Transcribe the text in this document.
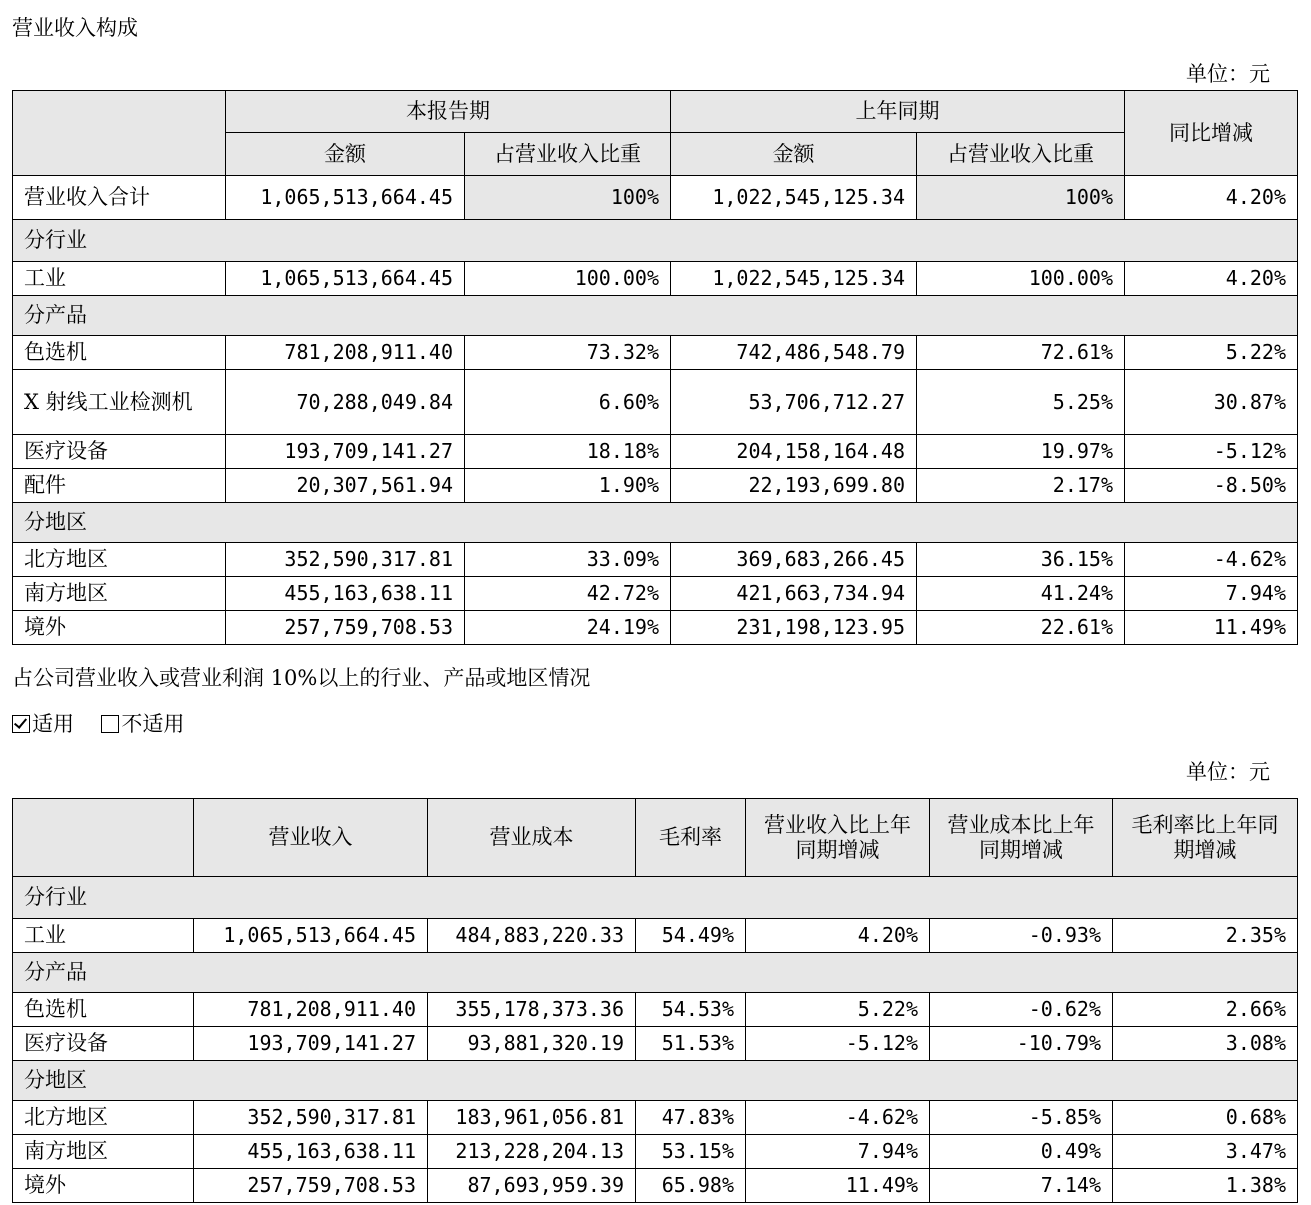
营业收入构成
单位：元
	本报告期		上年同期		同比增减
	金额	占营业收入比重	金额	占营业收入比重	
营业收入合计	1,065,513,664.45	100%	1,022,545,125.34	100%	4.20%
分行业					
工业	1,065,513,664.45	100.00%	1,022,545,125.34	100.00%	4.20%
分产品					
色选机	781,208,911.40	73.32%	742,486,548.79	72.61%	5.22%
X 射线工业检测机	70,288,049.84	6.60%	53,706,712.27	5.25%	30.87%
医疗设备	193,709,141.27	18.18%	204,158,164.48	19.97%	-5.12%
配件	20,307,561.94	1.90%	22,193,699.80	2.17%	-8.50%
分地区					
北方地区	352,590,317.81	33.09%	369,683,266.45	36.15%	-4.62%
南方地区	455,163,638.11	42.72%	421,663,734.94	41.24%	7.94%
境外	257,759,708.53	24.19%	231,198,123.95	22.61%	11.49%
占公司营业收入或营业利润 10%以上的行业、产品或地区情况
适用 不适用
单位：元
	营业收入	营业成本	毛利率	营业收入比上年同期增减	营业成本比上年同期增减	毛利率比上年同期增减
分行业						
工业	1,065,513,664.45	484,883,220.33	54.49%	4.20%	-0.93%	2.35%
分产品						
色选机	781,208,911.40	355,178,373.36	54.53%	5.22%	-0.62%	2.66%
医疗设备	193,709,141.27	93,881,320.19	51.53%	-5.12%	-10.79%	3.08%
分地区						
北方地区	352,590,317.81	183,961,056.81	47.83%	-4.62%	-5.85%	0.68%
南方地区	455,163,638.11	213,228,204.13	53.15%	7.94%	0.49%	3.47%
境外	257,759,708.53	87,693,959.39	65.98%	11.49%	7.14%	1.38%
